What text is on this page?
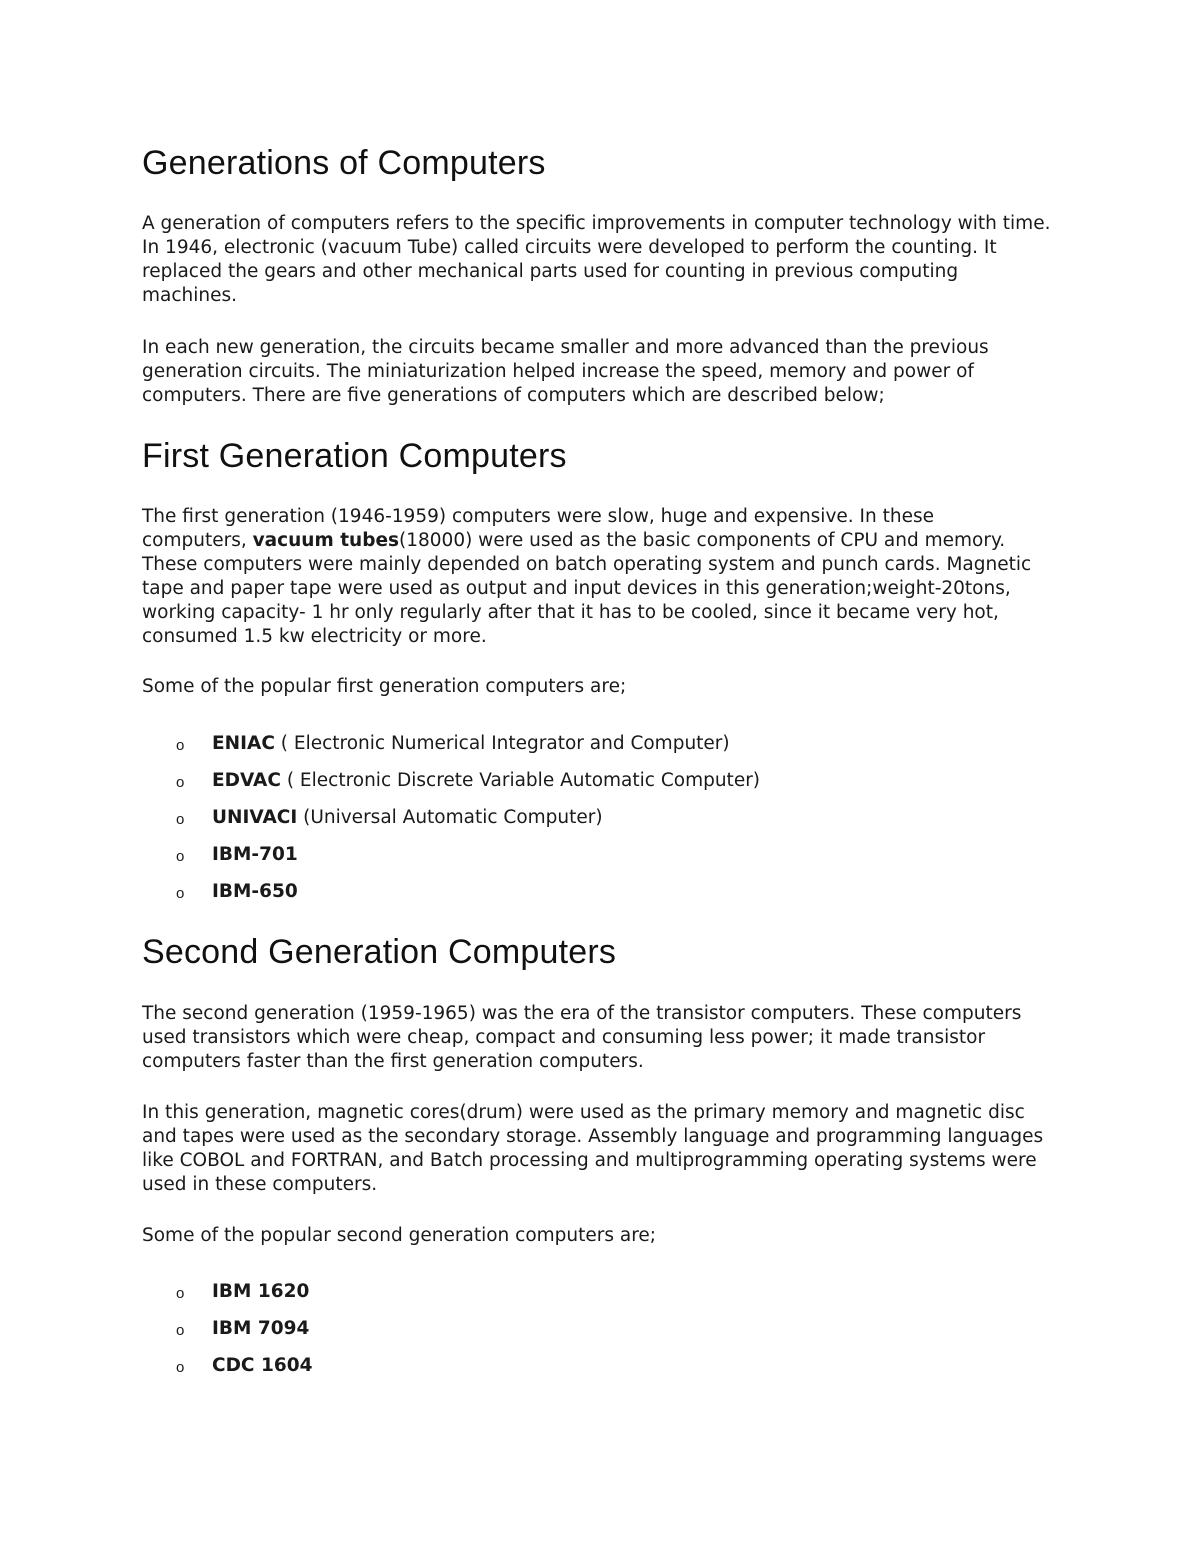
Generations of Computers

A generation of computers refers to the specific improvements in computer technology with time. In 1946, electronic (vacuum Tube) called circuits were developed to perform the counting. It replaced the gears and other mechanical parts used for counting in previous computing machines.

In each new generation, the circuits became smaller and more advanced than the previous generation circuits. The miniaturization helped increase the speed, memory and power of computers. There are five generations of computers which are described below;

First Generation Computers

The first generation (1946-1959) computers were slow, huge and expensive. In these computers, vacuum tubes(18000) were used as the basic components of CPU and memory. These computers were mainly depended on batch operating system and punch cards. Magnetic tape and paper tape were used as output and input devices in this generation;weight-20tons, working capacity- 1 hr only regularly after that it has to be cooled, since it became very hot, consumed 1.5 kw electricity or more.

Some of the popular first generation computers are;

o ENIAC ( Electronic Numerical Integrator and Computer)
o EDVAC ( Electronic Discrete Variable Automatic Computer)
o UNIVACI (Universal Automatic Computer)
o IBM-701
o IBM-650
Second Generation Computers

The second generation (1959-1965) was the era of the transistor computers. These computers used transistors which were cheap, compact and consuming less power; it made transistor computers faster than the first generation computers.

In this generation, magnetic cores(drum) were used as the primary memory and magnetic disc and tapes were used as the secondary storage. Assembly language and programming languages like COBOL and FORTRAN, and Batch processing and multiprogramming operating systems were used in these computers.

Some of the popular second generation computers are;

o IBM 1620
o IBM 7094
o CDC 1604
